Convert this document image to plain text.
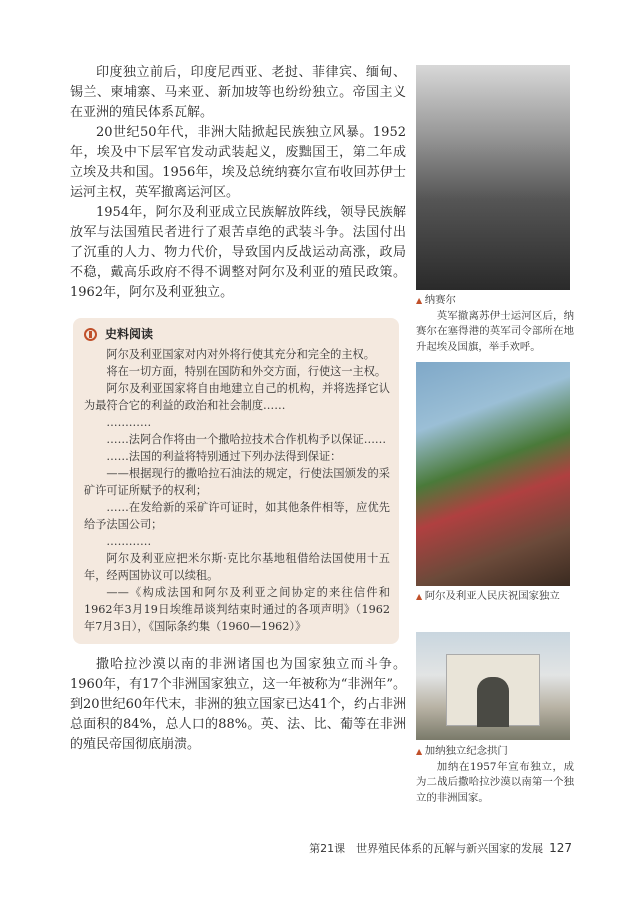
印度独立前后，印度尼西亚、老挝、菲律宾、缅甸、锡兰、柬埔寨、马来亚、新加坡等也纷纷独立。帝国主义在亚洲的殖民体系瓦解。

20世纪50年代，非洲大陆掀起民族独立风暴。1952年，埃及中下层军官发动武装起义，废黜国王，第二年成立埃及共和国。1956年，埃及总统纳赛尔宣布收回苏伊士运河主权，英军撤离运河区。

1954年，阿尔及利亚成立民族解放阵线，领导民族解放军与法国殖民者进行了艰苦卓绝的武装斗争。法国付出了沉重的人力、物力代价，导致国内反战运动高涨，政局不稳，戴高乐政府不得不调整对阿尔及利亚的殖民政策。1962年，阿尔及利亚独立。

史料阅读

阿尔及利亚国家对内对外将行使其充分和完全的主权。

将在一切方面，特别在国防和外交方面，行使这一主权。

阿尔及利亚国家将自由地建立自己的机构，并将选择它认为最符合它的利益的政治和社会制度……

…………

……法阿合作将由一个撒哈拉技术合作机构予以保证……

……法国的利益将特别通过下列办法得到保证：

——根据现行的撒哈拉石油法的规定，行使法国颁发的采矿许可证所赋予的权利；

……在发给新的采矿许可证时，如其他条件相等，应优先给予法国公司；

…………

阿尔及利亚应把米尔斯·克比尔基地租借给法国使用十五年，经两国协议可以续租。

——《构成法国和阿尔及利亚之间协定的来往信件和1962年3月19日埃维昂谈判结束时通过的各项声明》（1962年7月3日），《国际条约集（1960—1962）》

撒哈拉沙漠以南的非洲诸国也为国家独立而斗争。1960年，有17个非洲国家独立，这一年被称为“非洲年”。到20世纪60年代末，非洲的独立国家已达41个，约占非洲总面积的84%，总人口的88%。英、法、比、葡等在非洲的殖民帝国彻底崩溃。

▲ 纳赛尔

英军撤离苏伊士运河区后，纳赛尔在塞得港的英军司令部所在地升起埃及国旗，举手欢呼。

▲ 阿尔及利亚人民庆祝国家独立
▲ 加纳独立纪念拱门

加纳在1957年宣布独立，成为二战后撒哈拉沙漠以南第一个独立的非洲国家。

第21课　世界殖民体系的瓦解与新兴国家的发展 127
